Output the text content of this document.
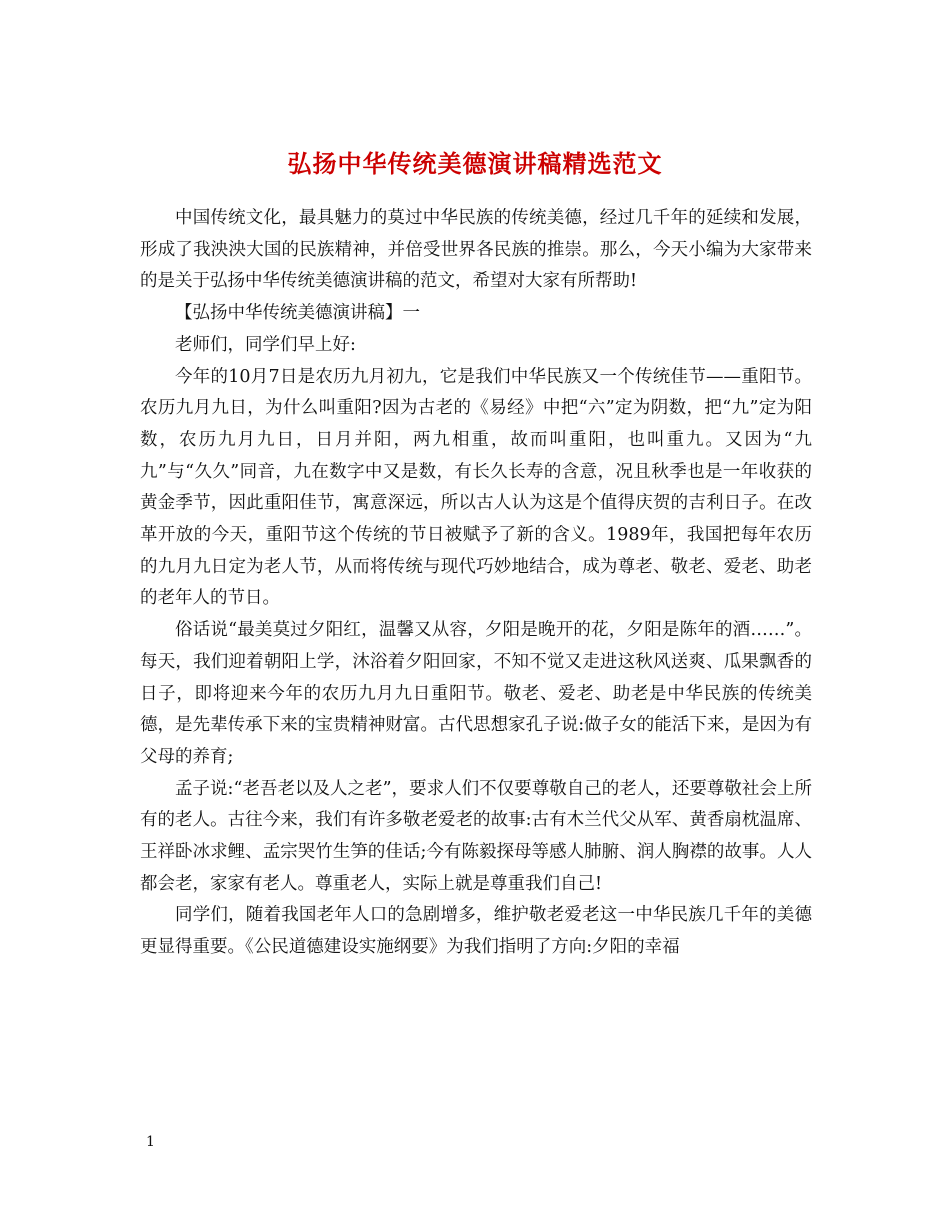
弘扬中华传统美德演讲稿精选范文

中国传统文化，最具魅力的莫过中华民族的传统美德，经过几千年的延续和发展，形成了我泱泱大国的民族精神，并倍受世界各民族的推崇。那么，今天小编为大家带来的是关于弘扬中华传统美德演讲稿的范文，希望对大家有所帮助!

【弘扬中华传统美德演讲稿】一

老师们，同学们早上好:

今年的10月7日是农历九月初九，它是我们中华民族又一个传统佳节——重阳节。农历九月九日，为什么叫重阳?因为古老的《易经》中把“六”定为阴数，把“九”定为阳数，农历九月九日，日月并阳，两九相重，故而叫重阳，也叫重九。又因为“九九”与“久久”同音，九在数字中又是数，有长久长寿的含意，况且秋季也是一年收获的黄金季节，因此重阳佳节，寓意深远，所以古人认为这是个值得庆贺的吉利日子。在改革开放的今天，重阳节这个传统的节日被赋予了新的含义。1989年，我国把每年农历的九月九日定为老人节，从而将传统与现代巧妙地结合，成为尊老、敬老、爱老、助老的老年人的节日。

俗话说“最美莫过夕阳红，温馨又从容，夕阳是晚开的花，夕阳是陈年的酒……”。每天，我们迎着朝阳上学，沐浴着夕阳回家，不知不觉又走进这秋风送爽、瓜果飘香的日子，即将迎来今年的农历九月九日重阳节。敬老、爱老、助老是中华民族的传统美德，是先辈传承下来的宝贵精神财富。古代思想家孔子说:做子女的能活下来，是因为有父母的养育;

孟子说:“老吾老以及人之老”，要求人们不仅要尊敬自己的老人，还要尊敬社会上所有的老人。古往今来，我们有许多敬老爱老的故事:古有木兰代父从军、黄香扇枕温席、王祥卧冰求鲤、孟宗哭竹生笋的佳话;今有陈毅探母等感人肺腑、润人胸襟的故事。人人都会老，家家有老人。尊重老人，实际上就是尊重我们自己!

同学们，随着我国老年人口的急剧增多，维护敬老爱老这一中华民族几千年的美德更显得重要。《公民道德建设实施纲要》为我们指明了方向:夕阳的幸福

1
